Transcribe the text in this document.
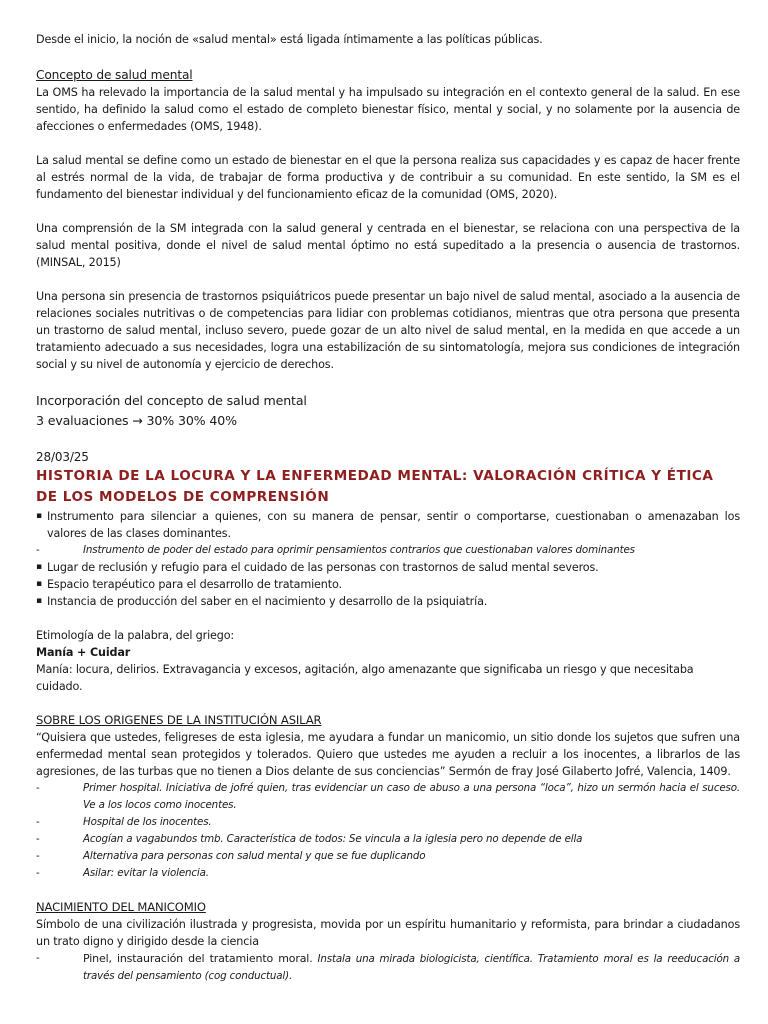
Desde el inicio, la noción de «salud mental» está ligada íntimamente a las políticas públicas.

Concepto de salud mental

La OMS ha relevado la importancia de la salud mental y ha impulsado su integración en el contexto general de la salud. En ese sentido, ha definido la salud como el estado de completo bienestar físico, mental y social, y no solamente por la ausencia de afecciones o enfermedades (OMS, 1948).

La salud mental se define como un estado de bienestar en el que la persona realiza sus capacidades y es capaz de hacer frente al estrés normal de la vida, de trabajar de forma productiva y de contribuir a su comunidad. En este sentido, la SM es el fundamento del bienestar individual y del funcionamiento eficaz de la comunidad (OMS, 2020).

Una comprensión de la SM integrada con la salud general y centrada en el bienestar, se relaciona con una perspectiva de la salud mental positiva, donde el nivel de salud mental óptimo no está supeditado a la presencia o ausencia de trastornos. (MINSAL, 2015)

Una persona sin presencia de trastornos psiquiátricos puede presentar un bajo nivel de salud mental, asociado a la ausencia de relaciones sociales nutritivas o de competencias para lidiar con problemas cotidianos, mientras que otra persona que presenta un trastorno de salud mental, incluso severo, puede gozar de un alto nivel de salud mental, en la medida en que accede a un tratamiento adecuado a sus necesidades, logra una estabilización de su sintomatología, mejora sus condiciones de integración social y su nivel de autonomía y ejercicio de derechos.

Incorporación del concepto de salud mental
3 evaluaciones → 30% 30% 40%
28/03/25
HISTORIA DE LA LOCURA Y LA ENFERMEDAD MENTAL: VALORACIÓN CRÍTICA Y ÉTICA DE LOS MODELOS DE COMPRENSIÓN
▪ Instrumento para silenciar a quienes, con su manera de pensar, sentir o comportarse, cuestionaban o amenazaban los valores de las clases dominantes.
-	Instrumento de poder del estado para oprimir pensamientos contrarios que cuestionaban valores dominantes
▪ Lugar de reclusión y refugio para el cuidado de las personas con trastornos de salud mental severos.
▪ Espacio terapéutico para el desarrollo de tratamiento.
▪ Instancia de producción del saber en el nacimiento y desarrollo de la psiquiatría.

Etimología de la palabra, del griego:

Manía + Cuidar

Manía: locura, delirios. Extravagancia y excesos, agitación, algo amenazante que significaba un riesgo y que necesitaba cuidado.

SOBRE LOS ORIGENES DE LA INSTITUCIÓN ASILAR

“Quisiera que ustedes, feligreses de esta iglesia, me ayudara a fundar un manicomio, un sitio donde los sujetos que sufren una enfermedad mental sean protegidos y tolerados. Quiero que ustedes me ayuden a recluir a los inocentes, a librarlos de las agresiones, de las turbas que no tienen a Dios delante de sus conciencias” Sermón de fray José Gilaberto Jofré, Valencia, 1409.

-	Primer hospital. Iniciativa de jofré quien, tras evidenciar un caso de abuso a una persona “loca”, hizo un sermón hacia el suceso. Ve a los locos como inocentes.
-	Hospital de los inocentes.
-	Acogían a vagabundos tmb. Característica de todos: Se vincula a la iglesia pero no depende de ella
-	Alternativa para personas con salud mental y que se fue duplicando
-	Asilar: evitar la violencia.
NACIMIENTO DEL MANICOMIO

Símbolo de una civilización ilustrada y progresista, movida por un espíritu humanitario y reformista, para brindar a ciudadanos un trato digno y dirigido desde la ciencia

-	Pinel, instauración del tratamiento moral. Instala una mirada biologicista, científica. Tratamiento moral es la reeducación a través del pensamiento (cog conductual).
